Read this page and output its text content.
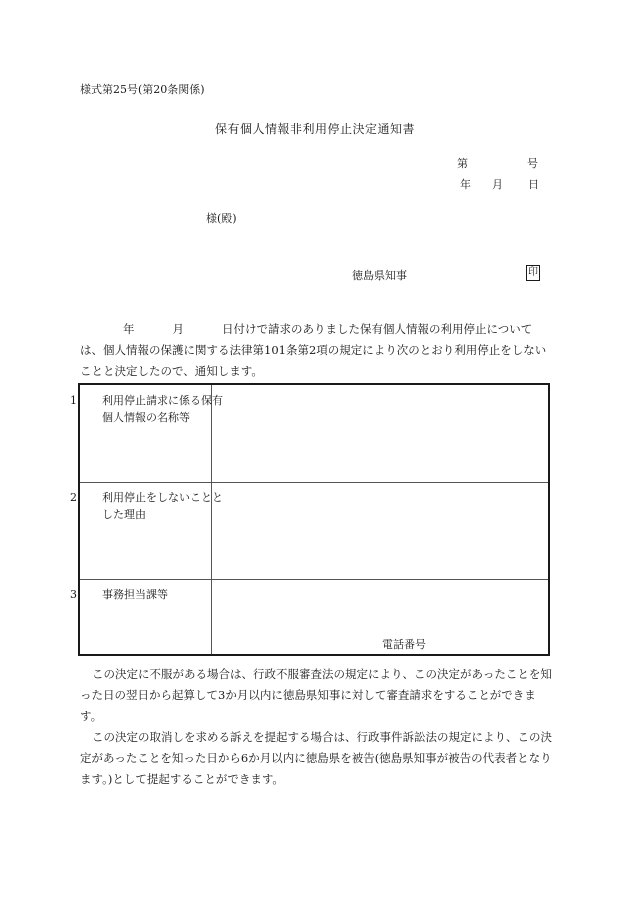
様式第25号(第20条関係)
保有個人情報非利用停止決定通知書
第	号
年 月 日
様(殿)
徳島県知事	印
年	月	日付けで請求のありました保有個人情報の利用停止については、個人情報の保護に関する法律第101条第2項の規定により次のとおり利用停止をしないことと決定したので、通知します。
1 利用停止請求に係る保有個人情報の名称等
2 利用停止をしないこととした理由
3 事務担当課等
電話番号
この決定に不服がある場合は、行政不服審査法の規定により、この決定があったことを知った日の翌日から起算して3か月以内に徳島県知事に対して審査請求をすることができます。
この決定の取消しを求める訴えを提起する場合は、行政事件訴訟法の規定により、この決定があったことを知った日から6か月以内に徳島県を被告(徳島県知事が被告の代表者となります。)として提起することができます。
